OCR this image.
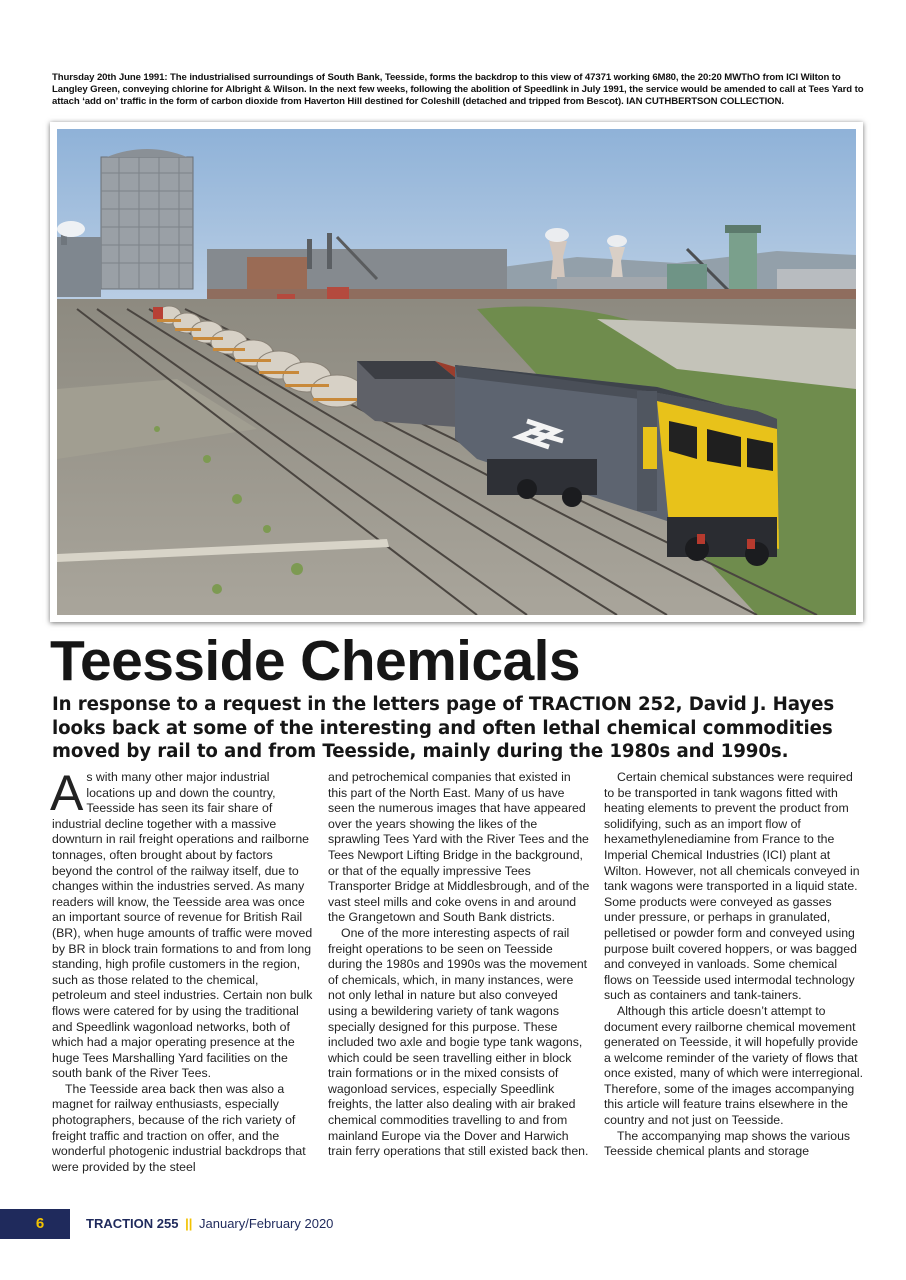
Thursday 20th June 1991: The industrialised surroundings of South Bank, Teesside, forms the backdrop to this view of 47371 working 6M80, the 20:20 MWThO from ICI Wilton to Langley Green, conveying chlorine for Albright & Wilson. In the next few weeks, following the abolition of Speedlink in July 1991, the service would be amended to call at Tees Yard to attach ‘add on’ traffic in the form of carbon dioxide from Haverton Hill destined for Coleshill (detached and tripped from Bescot). IAN CUTHBERTSON COLLECTION.
Teesside Chemicals

In response to a request in the letters page of TRACTION 252, David J. Hayes looks back at some of the interesting and often lethal chemical commodities moved by rail to and from Teesside, mainly during the 1980s and 1990s.

As with many other major industrial locations up and down the country, Teesside has seen its fair share of industrial decline together with a massive downturn in rail freight operations and railborne tonnages, often brought about by factors beyond the control of the railway itself, due to changes within the industries served. As many readers will know, the Teesside area was once an important source of revenue for British Rail (BR), when huge amounts of traffic were moved by BR in block train formations to and from long standing, high profile customers in the region, such as those related to the chemical, petroleum and steel industries. Certain non bulk flows were catered for by using the traditional and Speedlink wagonload networks, both of which had a major operating presence at the huge Tees Marshalling Yard facilities on the south bank of the River Tees.

The Teesside area back then was also a magnet for railway enthusiasts, especially photographers, because of the rich variety of freight traffic and traction on offer, and the wonderful photogenic industrial backdrops that were provided by the steel

and petrochemical companies that existed in this part of the North East. Many of us have seen the numerous images that have appeared over the years showing the likes of the sprawling Tees Yard with the River Tees and the Tees Newport Lifting Bridge in the background, or that of the equally impressive Tees Transporter Bridge at Middlesbrough, and of the vast steel mills and coke ovens in and around the Grangetown and South Bank districts.

One of the more interesting aspects of rail freight operations to be seen on Teesside during the 1980s and 1990s was the movement of chemicals, which, in many instances, were not only lethal in nature but also conveyed using a bewildering variety of tank wagons specially designed for this purpose. These included two axle and bogie type tank wagons, which could be seen travelling either in block train formations or in the mixed consists of wagonload services, especially Speedlink freights, the latter also dealing with air braked chemical commodities travelling to and from mainland Europe via the Dover and Harwich train ferry operations that still existed back then.

Certain chemical substances were required to be transported in tank wagons fitted with heating elements to prevent the product from solidifying, such as an import flow of hexamethylenediamine from France to the Imperial Chemical Industries (ICI) plant at Wilton. However, not all chemicals conveyed in tank wagons were transported in a liquid state. Some products were conveyed as gasses under pressure, or perhaps in granulated, pelletised or powder form and conveyed using purpose built covered hoppers, or was bagged and conveyed in vanloads. Some chemical flows on Teesside used intermodal technology such as containers and tank-tainers.

Although this article doesn’t attempt to document every railborne chemical movement generated on Teesside, it will hopefully provide a welcome reminder of the variety of flows that once existed, many of which were interregional. Therefore, some of the images accompanying this article will feature trains elsewhere in the country and not just on Teesside.

The accompanying map shows the various Teesside chemical plants and storage

6	TRACTION 255 || January/February 2020
